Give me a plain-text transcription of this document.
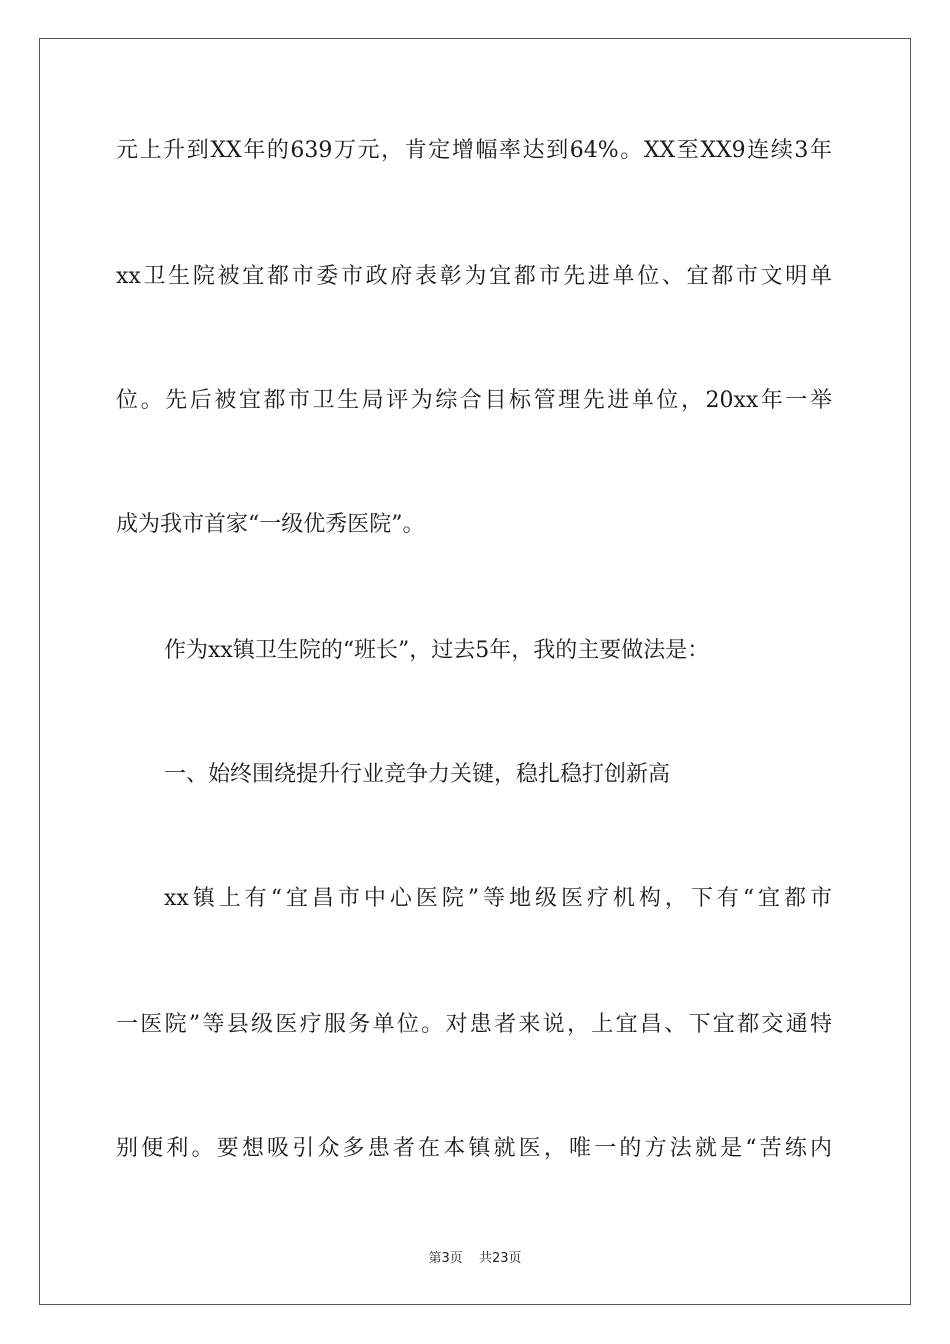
元上升到XX年的639万元，肯定增幅率达到64%。XX至XX9连续3年
xx卫生院被宜都市委市政府表彰为宜都市先进单位、宜都市文明单
位。先后被宜都市卫生局评为综合目标管理先进单位，20xx年一举
成为我市首家“一级优秀医院”。
作为xx镇卫生院的“班长”，过去5年，我的主要做法是：
一、始终围绕提升行业竞争力关键，稳扎稳打创新高
xx镇上有“宜昌市中心医院”等地级医疗机构，下有“宜都市
一医院”等县级医疗服务单位。对患者来说，上宜昌、下宜都交通特
别便利。要想吸引众多患者在本镇就医，唯一的方法就是“苦练内
第3页 共23页
